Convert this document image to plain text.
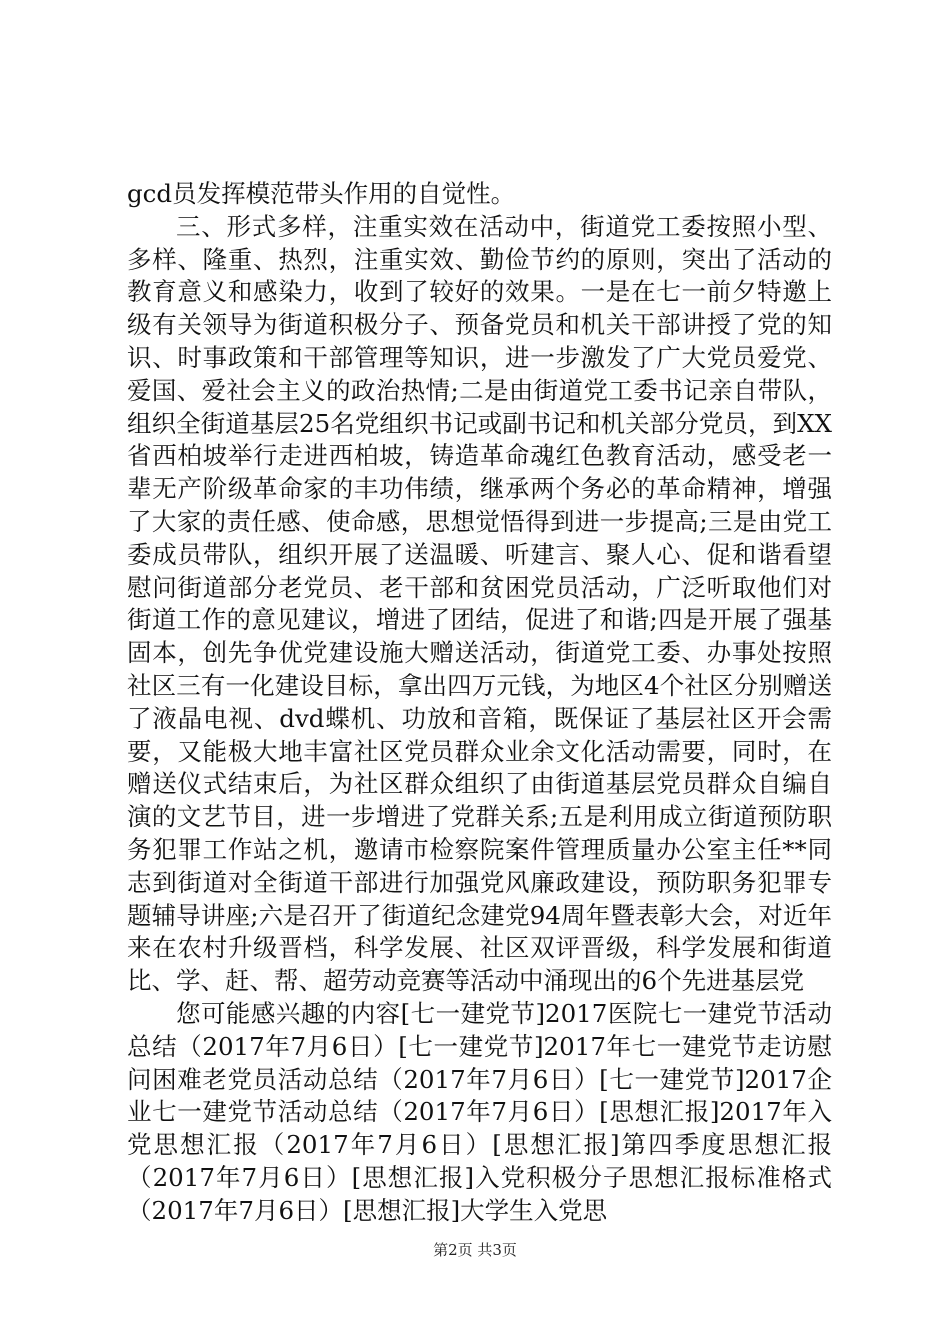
gcd员发挥模范带头作用的自觉性。

三、形式多样，注重实效在活动中，街道党工委按照小型、多样、隆重、热烈，注重实效、勤俭节约的原则，突出了活动的教育意义和感染力，收到了较好的效果。一是在七一前夕特邀上级有关领导为街道积极分子、预备党员和机关干部讲授了党的知识、时事政策和干部管理等知识，进一步激发了广大党员爱党、爱国、爱社会主义的政治热情;二是由街道党工委书记亲自带队，组织全街道基层25名党组织书记或副书记和机关部分党员，到XX省西柏坡举行走进西柏坡，铸造革命魂红色教育活动，感受老一辈无产阶级革命家的丰功伟绩，继承两个务必的革命精神，增强了大家的责任感、使命感，思想觉悟得到进一步提高;三是由党工委成员带队，组织开展了送温暖、听建言、聚人心、促和谐看望慰问街道部分老党员、老干部和贫困党员活动，广泛听取他们对街道工作的意见建议，增进了团结，促进了和谐;四是开展了强基固本，创先争优党建设施大赠送活动，街道党工委、办事处按照社区三有一化建设目标，拿出四万元钱，为地区4个社区分别赠送了液晶电视、dvd蝶机、功放和音箱，既保证了基层社区开会需要，又能极大地丰富社区党员群众业余文化活动需要，同时，在赠送仪式结束后，为社区群众组织了由街道基层党员群众自编自演的文艺节目，进一步增进了党群关系;五是利用成立街道预防职务犯罪工作站之机，邀请市检察院案件管理质量办公室主任**同志到街道对全街道干部进行加强党风廉政建设，预防职务犯罪专题辅导讲座;六是召开了街道纪念建党94周年暨表彰大会，对近年来在农村升级晋档，科学发展、社区双评晋级，科学发展和街道比、学、赶、帮、超劳动竞赛等活动中涌现出的6个先进基层党

您可能感兴趣的内容[七一建党节]2017医院七一建党节活动总结（2017年7月6日）[七一建党节]2017年七一建党节走访慰问困难老党员活动总结（2017年7月6日）[七一建党节]2017企业七一建党节活动总结（2017年7月6日）[思想汇报]2017年入党思想汇报（2017年7月6日）[思想汇报]第四季度思想汇报（2017年7月6日）[思想汇报]入党积极分子思想汇报标准格式（2017年7月6日）[思想汇报]大学生入党思

第2页 共3页
